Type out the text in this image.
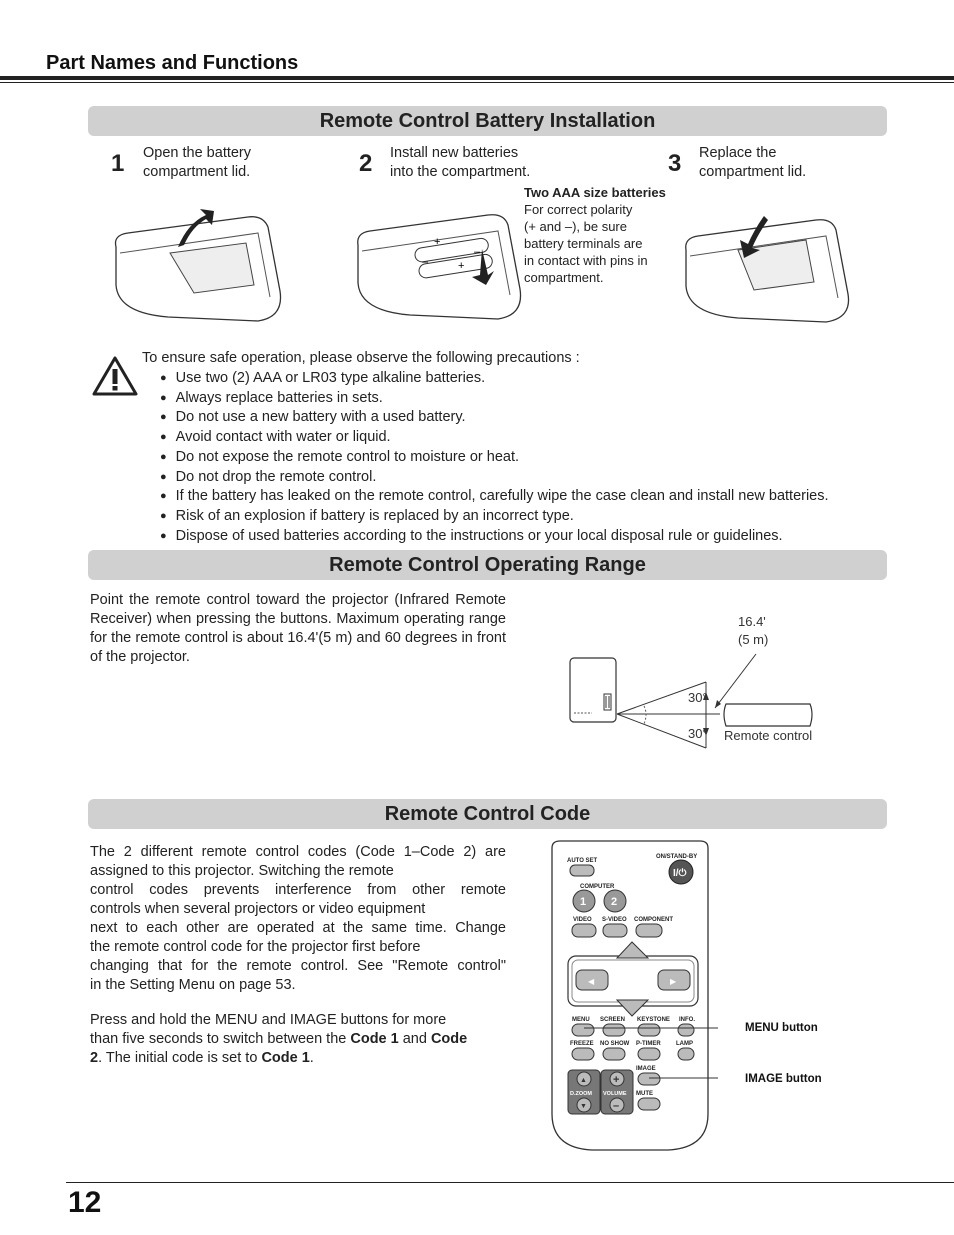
Part Names and Functions
Remote Control Battery Installation
1 Open the battery
compartment lid.	2 Install new batteries
into the compartment.	3 Replace the
compartment lid.
Two AAA size batteries
For correct polarity
(+ and –), be sure
battery terminals are
in contact with pins in
compartment.
+
–	+
–
To ensure safe operation, please observe the following precautions :
● Use two (2) AAA or LR03 type alkaline batteries.
● Always replace batteries in sets.
● Do not use a new battery with a used battery.
● Avoid contact with water or liquid.
● Do not expose the remote control to moisture or heat.
● Do not drop the remote control.
● If the battery has leaked on the remote control, carefully wipe the case clean and install new batteries.
● Risk of an explosion if battery is replaced by an incorrect type.
● Dispose of used batteries according to the instructions or your local disposal rule or guidelines.
Remote Control Operating Range
Point the remote control toward the projector (Infrared Remote Receiver) when pressing the buttons. Maximum operating range for the remote control is about 16.4'(5 m) and 60 degrees in front of the projector.
16.4'
(5 m)
30°
30° Remote control
Remote Control Code
The 2 different remote control codes (Code 1–Code 2) are
assigned to this projector. Switching the remote
control codes prevents interference from other remote
controls when several projectors or video equipment
next to each other are operated at the same time. Change
the remote control code for the projector first before
changing that for the remote control. See "Remote control"
in the Setting Menu on page 53.
Press and hold the MENU and IMAGE buttons for more
than five seconds to switch between the Code 1 and Code
2. The initial code is set to Code 1.
AUTO SET
ON/STAND-BY
COMPUTER
VIDEO S-VIDEO COMPONENT
MENU SCREEN KEYSTONE INFO.
FREEZE NO SHOW P-TIMER	LAMP
IMAGE
MUTE
I/⏻
1 2
◀	▶
▲
▼
+
–
D.ZOOM VOLUME
MENU button
IMAGE button
12
